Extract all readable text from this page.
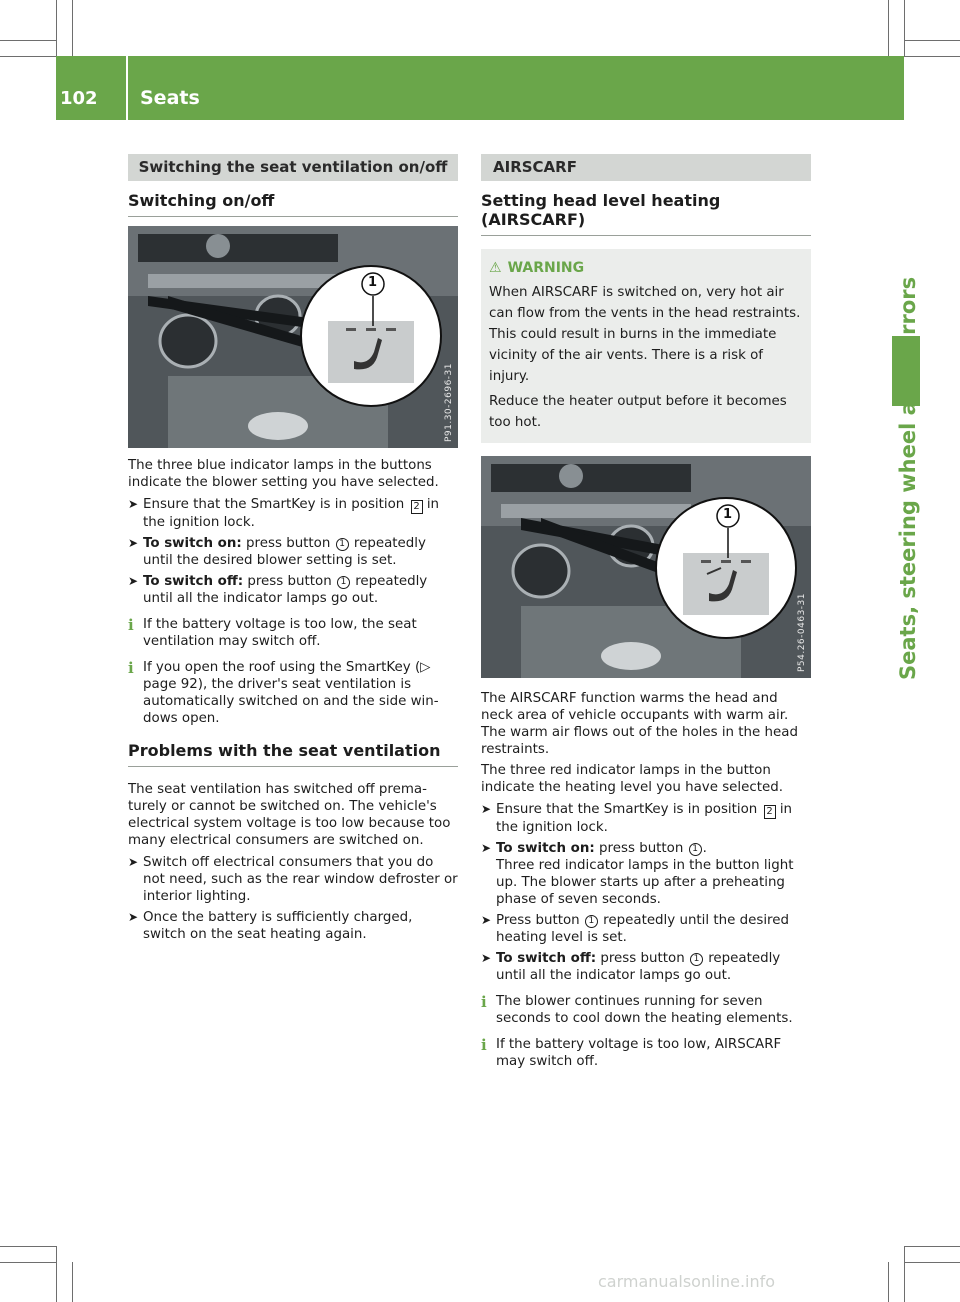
102	Seats
Seats, steering wheel and mirrors
Switching the seat ventilation on/off
Switching on/off
1
P91.30-2696-31

The three blue indicator lamps in the buttons indicate the blower setting you have selected.

➤ Ensure that the SmartKey is in position 2 in the ignition lock.
➤ To switch on: press button 1 repeatedly until the desired blower setting is set.
➤ To switch off: press button 1 repeatedly until all the indicator lamps go out.
i If the battery voltage is too low, the seat ventilation may switch off.
i If you open the roof using the SmartKey (▷ page 92), the driver's seat ventilation is automatically switched on and the side win-dows open.
Problems with the seat ventilation

The seat ventilation has switched off prema-turely or cannot be switched on. The vehicle's electrical system voltage is too low because too many electrical consumers are switched on.

➤ Switch off electrical consumers that you do not need, such as the rear window defroster or interior lighting.
➤ Once the battery is sufficiently charged, switch on the seat heating again.
AIRSCARF
Setting head level heating (AIRSCARF)
⚠ WARNING

When AIRSCARF is switched on, very hot air can flow from the vents in the head restraints. This could result in burns in the immediate vicinity of the air vents. There is a risk of injury.

Reduce the heater output before it becomes too hot.

1
P54.26-0463-31

The AIRSCARF function warms the head and neck area of vehicle occupants with warm air. The warm air flows out of the holes in the head restraints.

The three red indicator lamps in the button indicate the heating level you have selected.

➤ Ensure that the SmartKey is in position 2 in the ignition lock.
➤ To switch on: press button 1 .
Three red indicator lamps in the button light up. The blower starts up after a preheating phase of seven seconds.
➤ Press button 1 repeatedly until the desired heating level is set.
➤ To switch off: press button 1 repeatedly until all the indicator lamps go out.
i The blower continues running for seven seconds to cool down the heating elements.
i If the battery voltage is too low, AIRSCARF may switch off.
carmanualsonline.info
